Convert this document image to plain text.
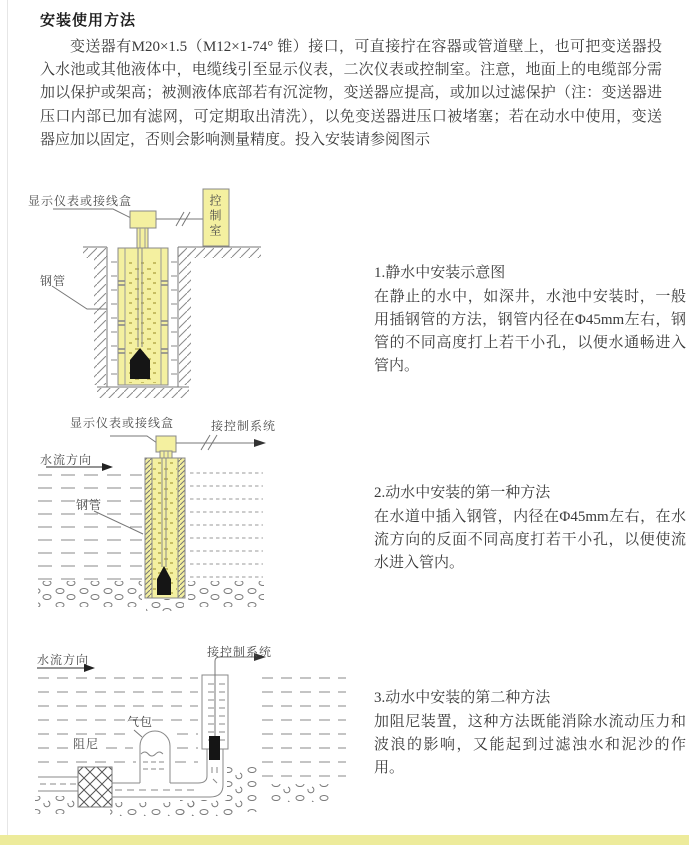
安装使用方法
变送器有M20×1.5（M12×1-74° 锥）接口，可直接拧在容器或管道壁上，也可把变送器投入水池或其他液体中，电缆线引至显示仪表，二次仪表或控制室。注意，地面上的电缆部分需加以保护或架高；被测液体底部若有沉淀物，变送器应提高，或加以过滤保护（注：变送器进压口内部已加有滤网，可定期取出清洗），以免变送器进压口被堵塞；若在动水中使用，变送器应加以固定，否则会影响测量精度。投入安装请参阅图示
显示仪表或接线盒	控制室
钢管	1.静水中安装示意图
在静止的水中，如深井，水池中安装时，一般用插钢管的方法，钢管内径在Φ45mm左右，钢管的不同高度打上若干小孔，以便水通畅进入管内。
显示仪表或接线盒	接控制系统
水流方向
钢管
2.动水中安装的第一种方法
在水道中插入钢管，内径在Φ45mm左右，在水流方向的反面不同高度打若干小孔，以便使流水进入管内。
水流方向
接控制系统
气包
阻尼
3.动水中安装的第二种方法
加阻尼装置，这种方法既能消除水流动压力和波浪的影响，又能起到过滤浊水和泥沙的作用。
